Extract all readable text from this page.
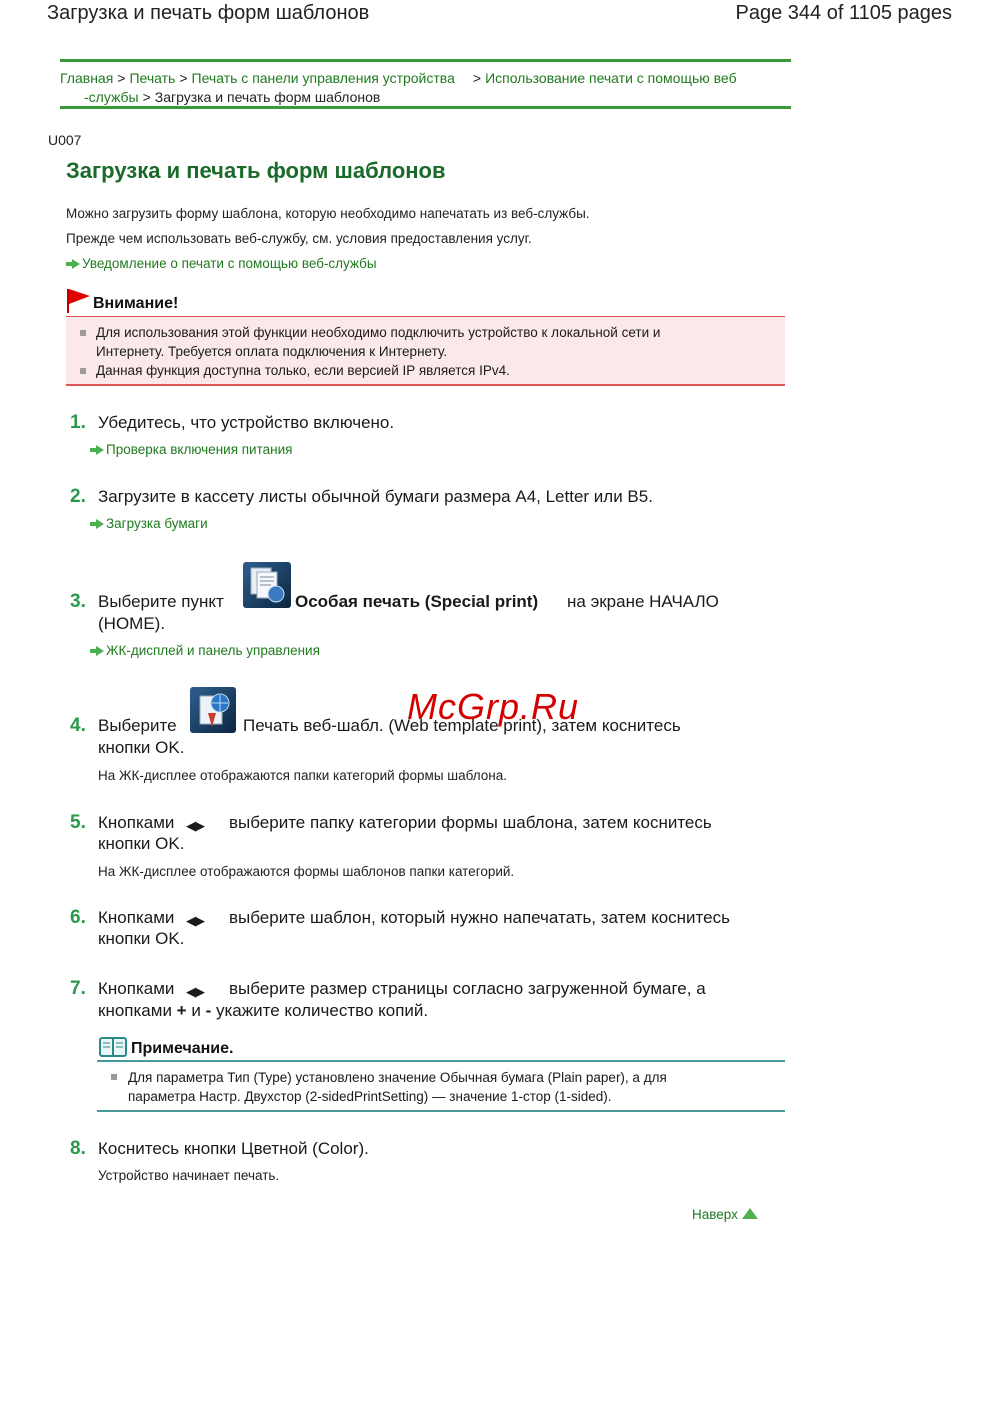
Загрузка и печать форм шаблонов	Page 344 of 1105 pages
Главная > Печать > Печать с панели управления устройства > Использование печати с помощью веб
-службы > Загрузка и печать форм шаблонов
U007
Загрузка и печать форм шаблонов
Можно загрузить форму шаблона, которую необходимо напечатать из веб-службы.
Прежде чем использовать веб-службу, см. условия предоставления услуг.
Уведомление о печати с помощью веб-службы
Внимание!
Для использования этой функции необходимо подключить устройство к локальной сети и
Интернету. Требуется оплата подключения к Интернету.
Данная функция доступна только, если версией IP является IPv4.
1. Убедитесь, что устройство включено.
Проверка включения питания
2. Загрузите в кассету листы обычной бумаги размера A4, Letter или B5.
Загрузка бумаги
3. Выберите пункт	Особая печать (Special print) на экране НАЧАЛО
(HOME).
ЖК-дисплей и панель управления
4. Выберите	Печать веб-шабл. (Web template print), затем коснитесь
кнопки OK.
На ЖК-дисплее отображаются папки категорий формы шаблона.
McGrp.Ru
5. Кнопками ◀▶ выберите папку категории формы шаблона, затем коснитесь
кнопки OK.
На ЖК-дисплее отображаются формы шаблонов папки категорий.
6. Кнопками ◀▶ выберите шаблон, который нужно напечатать, затем коснитесь
кнопки OK.
7. Кнопками ◀▶ выберите размер страницы согласно загруженной бумаге, а
кнопками + и - укажите количество копий.
Примечание.
Для параметра Тип (Type) установлено значение Обычная бумага (Plain paper), а для
параметра Настр. Двухстор (2-sidedPrintSetting) — значение 1-стор (1-sided).
8. Коснитесь кнопки Цветной (Color).
Устройство начинает печать.
Наверх
